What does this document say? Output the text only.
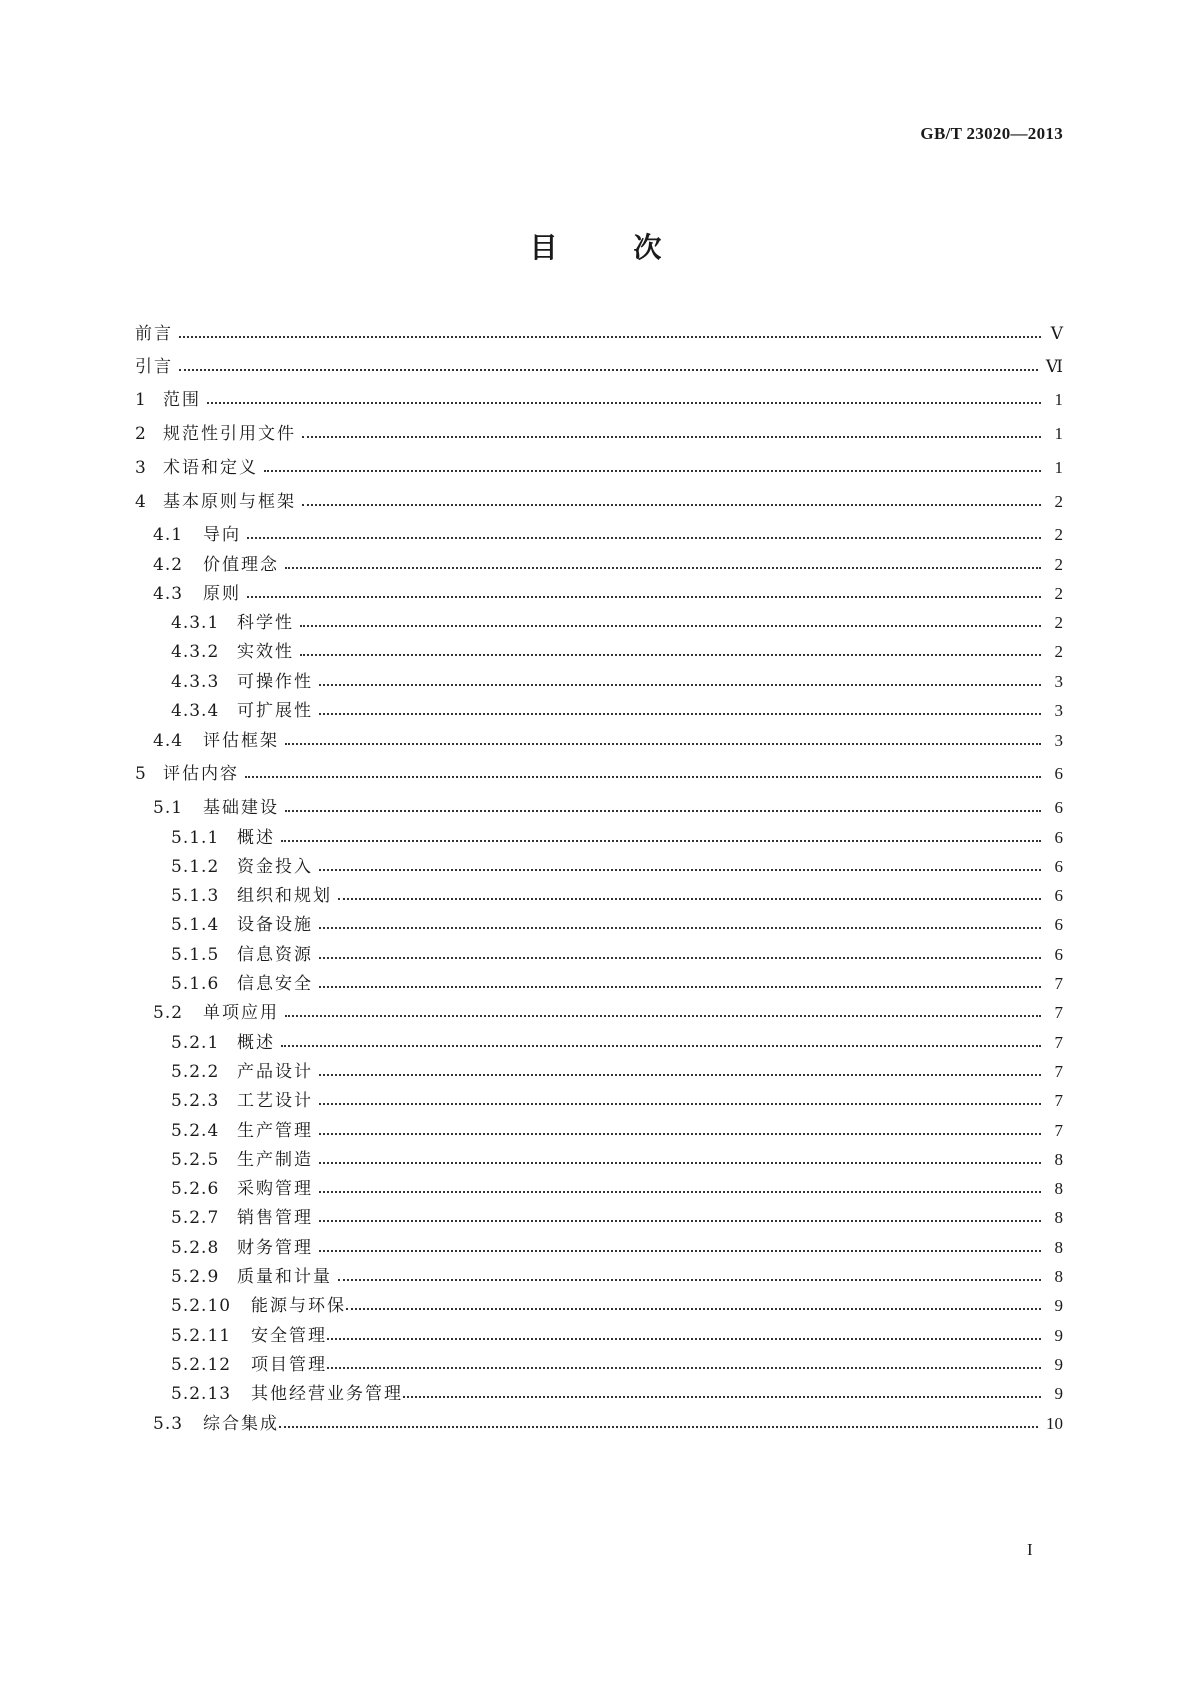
GB/T 23020—2013
目	次
前言	Ⅴ
引言	Ⅵ
1 范围	1
2 规范性引用文件	1
3 术语和定义	1
4 基本原则与框架	2
4.1	导向	2
4.2	价值理念	2
4.3	原则	2
4.3.1	科学性	2
4.3.2	实效性	2
4.3.3	可操作性	3
4.3.4	可扩展性	3
4.4	评估框架	3
5 评估内容	6
5.1	基础建设	6
5.1.1	概述	6
5.1.2	资金投入	6
5.1.3	组织和规划	6
5.1.4	设备设施	6
5.1.5	信息资源	6
5.1.6	信息安全	7
5.2	单项应用	7
5.2.1	概述	7
5.2.2	产品设计	7
5.2.3	工艺设计	7
5.2.4	生产管理	7
5.2.5	生产制造	8
5.2.6	采购管理	8
5.2.7	销售管理	8
5.2.8	财务管理	8
5.2.9	质量和计量	8
5.2.10	能源与环保	9
5.2.11	安全管理	9
5.2.12	项目管理	9
5.2.13	其他经营业务管理	9
5.3	综合集成	10
I
